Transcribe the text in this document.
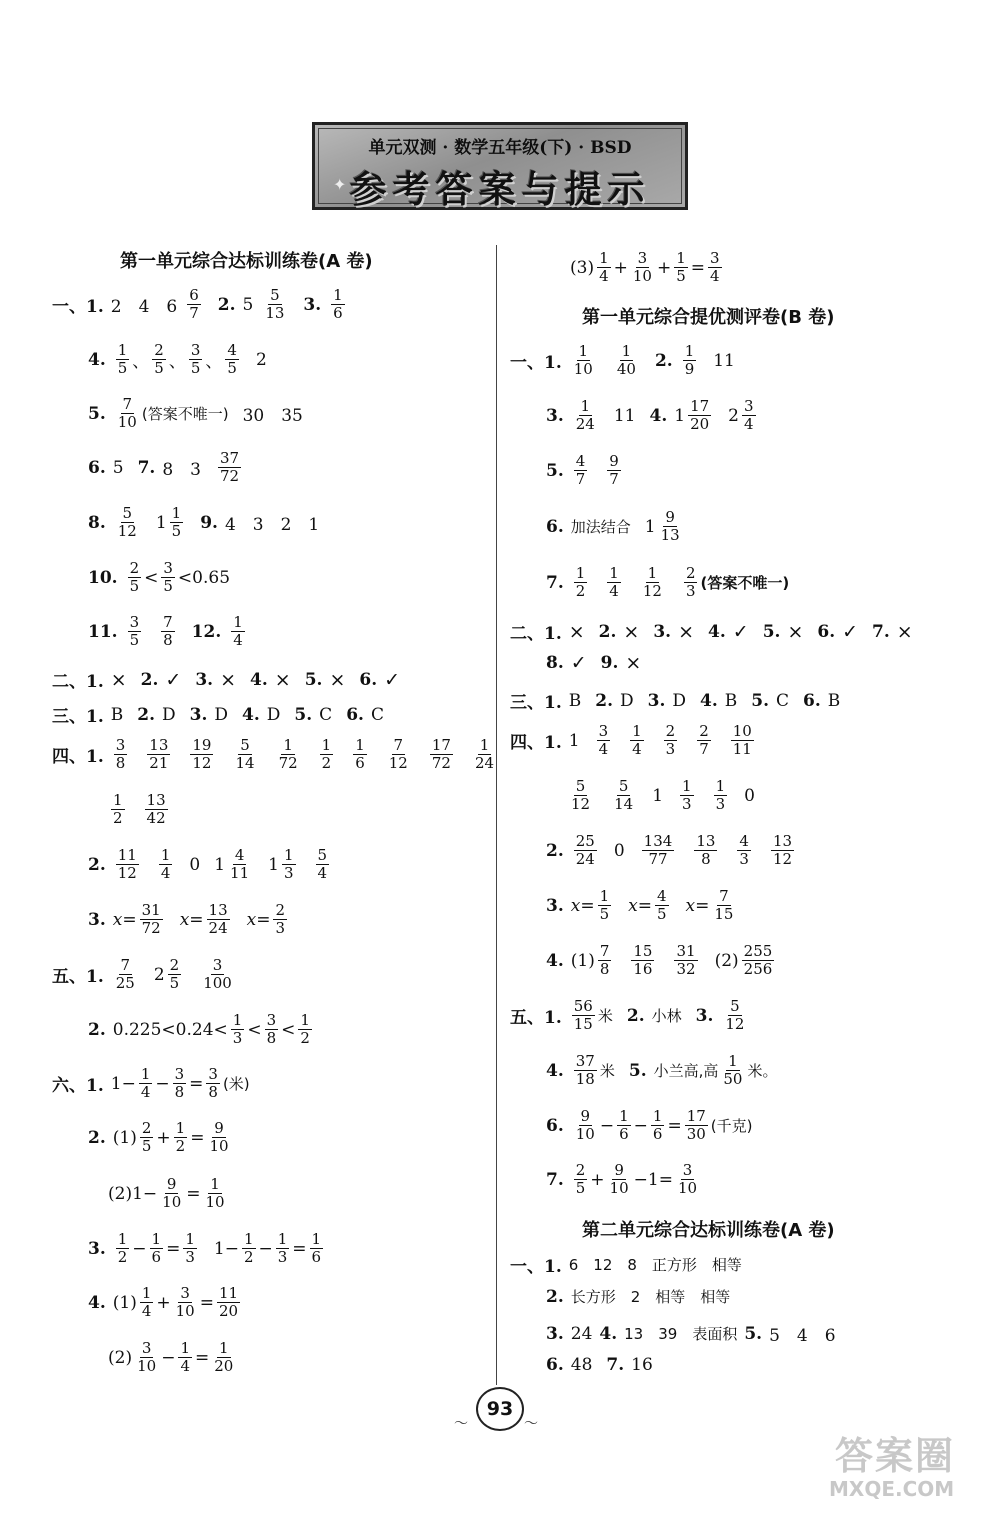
单元双测 · 数学五年级(下) · BSD
✦ 参考答案与提示
第一单元综合达标训练卷(A 卷)
一、1. 2　4　$6 \frac{6}{7} 2$. $5 \frac{5}{13} 3$. $\frac{1}{6}$
4. $\frac{1}{5}$ 、 $\frac{2}{5}$ 、 $\frac{3}{5}$ 、 $\frac{4}{5} 2$
5. $\frac{7}{10}$ (答案不唯一) 30　35
6. 5 7. 8　$3 \frac{37}{72}$
8. $\frac{5}{12} 1 \frac{1}{5} 9$. 4　3　2　1
10. $\frac{2}{5} < \frac{3}{5} <0.65$
11. $\frac{3}{5} \frac{7}{8} 12$. $\frac{1}{4}$
二、1. × 2. ✓ 3. × 4. × 5. × 6. ✓
三、1. B 2. D 3. D 4. D 5. C 6. C
四、1. $\frac{3}{8} \frac{13}{21} \frac{19}{12} \frac{5}{14} \frac{1}{72} \frac{1}{2} \frac{1}{6} \frac{7}{12} \frac{17}{72} \frac{1}{24}$
$\frac{1}{2} \frac{13}{42}$
2. $\frac{11}{12} \frac{1}{4} 0$ $1 \frac{4}{11} 1 \frac{1}{3} \frac{5}{4}$
3. $x= \frac{31}{72} x= \frac{13}{24} x= \frac{2}{3}$
五、1. $\frac{7}{25} 2 \frac{2}{5} \frac{3}{100}$
2. $0.225<0.24< \frac{1}{3} < \frac{3}{8} < \frac{1}{2}$
六、1. $1- \frac{1}{4} - \frac{3}{8} = \frac{3}{8}$ (米)
2. $(1) \frac{2}{5} + \frac{1}{2} = \frac{9}{10}$
(2) $1- \frac{9}{10} = \frac{1}{10}$
3. $\frac{1}{2} - \frac{1}{6} = \frac{1}{3} 1- \frac{1}{2} - \frac{1}{3} = \frac{1}{6}$
4. $(1) \frac{1}{4} + \frac{3}{10} = \frac{11}{20}$
$(2) \frac{3}{10} - \frac{1}{4} = \frac{1}{20}$
$(3) \frac{1}{4} + \frac{3}{10} + \frac{1}{5} = \frac{3}{4}$
第一单元综合提优测评卷(B 卷)
一、1. $\frac{1}{10} \frac{1}{40} 2$. $\frac{1}{9} 11$
3. $\frac{1}{24} 11$ 4. $1 \frac{17}{20} 2 \frac{3}{4}$
5. $\frac{4}{7} \frac{9}{7}$
6. 加法结合 $1 \frac{9}{13}$
7. $\frac{1}{2} \frac{1}{4} \frac{1}{12} \frac{2}{3}$ (答案不唯一)
二、1. × 2. × 3. × 4. ✓ 5. × 6. ✓ 7. ×
8. ✓ 9. ×
三、1. B 2. D 3. D 4. B 5. C 6. B
四、1. $1 \frac{3}{4} \frac{1}{4} \frac{2}{3} \frac{2}{7} \frac{10}{11}$
$\frac{5}{12} \frac{5}{14} 1 \frac{1}{3} \frac{1}{3} 0$
2. $\frac{25}{24} 0 \frac{134}{77} \frac{13}{8} \frac{4}{3} \frac{13}{12}$
3. $x= \frac{1}{5} x= \frac{4}{5} x= \frac{7}{15}$
4. $(1) \frac{7}{8} \frac{15}{16} \frac{31}{32} (2) \frac{255}{256}$
五、1. $\frac{56}{15}$ 米 2. 小林 3. $\frac{5}{12}$
4. $\frac{37}{18}$ 米 5. 小兰高,高 $\frac{1}{50}$ 米。
6. $\frac{9}{10} - \frac{1}{6} - \frac{1}{6} = \frac{17}{30}$ (千克)
7. $\frac{2}{5} + \frac{9}{10} -1= \frac{3}{10}$
第二单元综合达标训练卷(A 卷)
一、1. 6　12　8　正方形　相等
2. 长方形　2　相等　相等
3. 24 4. 13　39　表面积 5. 5　4　6
6. 48 7. 16
〜
93
〜
答案圈
MXQE.COM
